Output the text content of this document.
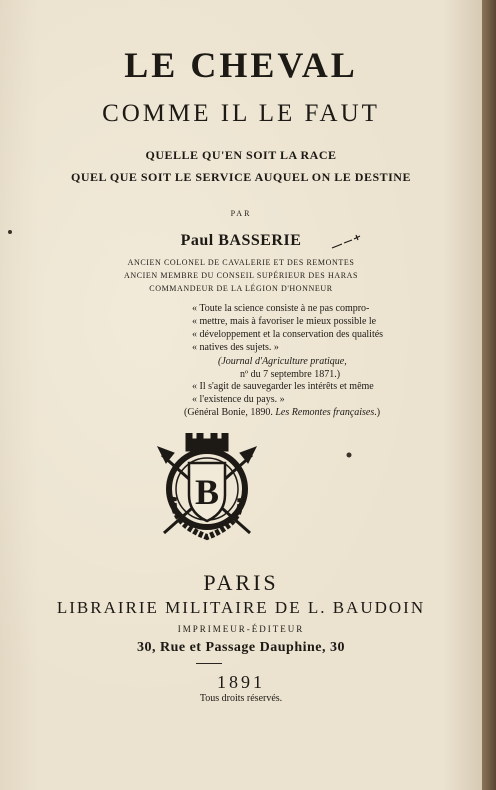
LE CHEVAL
COMME IL LE FAUT
QUELLE QU'EN SOIT LA RACE
QUEL QUE SOIT LE SERVICE AUQUEL ON LE DESTINE
PAR
Paul BASSERIE
ANCIEN COLONEL DE CAVALERIE ET DES REMONTES
ANCIEN MEMBRE DU CONSEIL SUPÉRIEUR DES HARAS
COMMANDEUR DE LA LÉGION D'HONNEUR
« Toute la science consiste à ne pas compro-
« mettre, mais à favoriser le mieux possible le
« développement et la conservation des qualités
« natives des sujets. »
(Journal d'Agriculture pratique,
nº du 7 septembre 1871.)
« Il s'agit de sauvegarder les intérêts et même
« l'existence du pays. »
(Général Bonie, 1890. Les Remontes françaises.)
B
PARIS
LIBRAIRIE MILITAIRE DE L. BAUDOIN
IMPRIMEUR-ÉDITEUR
30, Rue et Passage Dauphine, 30
1891
Tous droits réservés.
